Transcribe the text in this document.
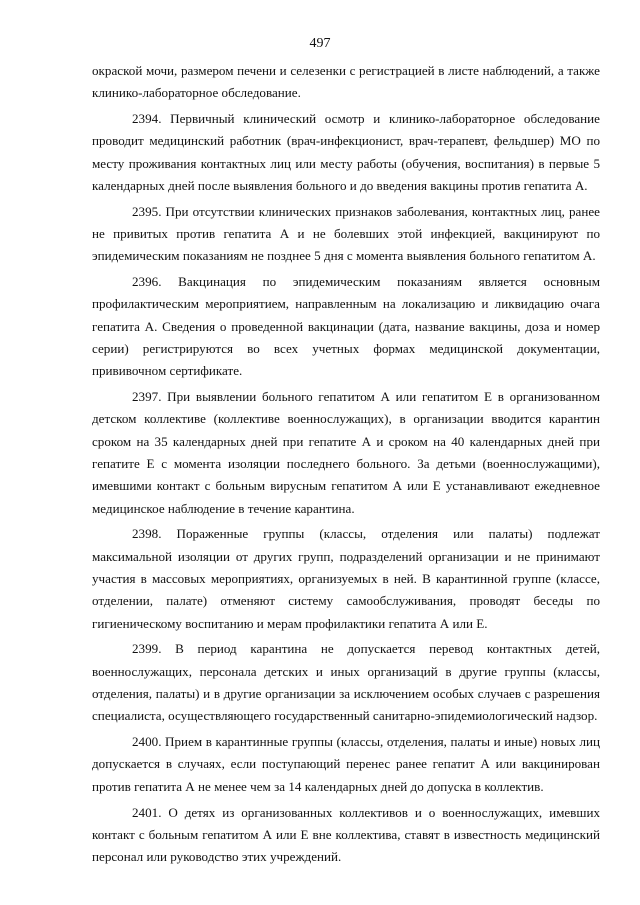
497

окраской мочи, размером печени и селезенки с регистрацией в листе наблюдений, а также клинико-лабораторное обследование.

2394. Первичный клинический осмотр и клинико-лабораторное обследование проводит медицинский работник (врач-инфекционист, врач-терапевт, фельдшер) МО по месту проживания контактных лиц или месту работы (обучения, воспитания) в первые 5 календарных дней после выявления больного и до введения вакцины против гепатита А.

2395. При отсутствии клинических признаков заболевания, контактных лиц, ранее не привитых против гепатита А и не болевших этой инфекцией, вакцинируют по эпидемическим показаниям не позднее 5 дня с момента выявления больного гепатитом А.

2396. Вакцинация по эпидемическим показаниям является основным профилактическим мероприятием, направленным на локализацию и ликвидацию очага гепатита А. Сведения о проведенной вакцинации (дата, название вакцины, доза и номер серии) регистрируются во всех учетных формах медицинской документации, прививочном сертификате.

2397. При выявлении больного гепатитом А или гепатитом Е в организованном детском коллективе (коллективе военнослужащих), в организации вводится карантин сроком на 35 календарных дней при гепатите А и сроком на 40 календарных дней при гепатите Е с момента изоляции последнего больного. За детьми (военнослужащими), имевшими контакт с больным вирусным гепатитом А или Е устанавливают ежедневное медицинское наблюдение в течение карантина.

2398. Пораженные группы (классы, отделения или палаты) подлежат максимальной изоляции от других групп, подразделений организации и не принимают участия в массовых мероприятиях, организуемых в ней. В карантинной группе (классе, отделении, палате) отменяют систему самообслуживания, проводят беседы по гигиеническому воспитанию и мерам профилактики гепатита А или Е.

2399. В период карантина не допускается перевод контактных детей, военнослужащих, персонала детских и иных организаций в другие группы (классы, отделения, палаты) и в другие организации за исключением особых случаев с разрешения специалиста, осуществляющего государственный санитарно-эпидемиологический надзор.

2400. Прием в карантинные группы (классы, отделения, палаты и иные) новых лиц допускается в случаях, если поступающий перенес ранее гепатит А или вакцинирован против гепатита А не менее чем за 14 календарных дней до допуска в коллектив.

2401. О детях из организованных коллективов и о военнослужащих, имевших контакт с больным гепатитом А или Е вне коллектива, ставят в известность медицинский персонал или руководство этих учреждений.
